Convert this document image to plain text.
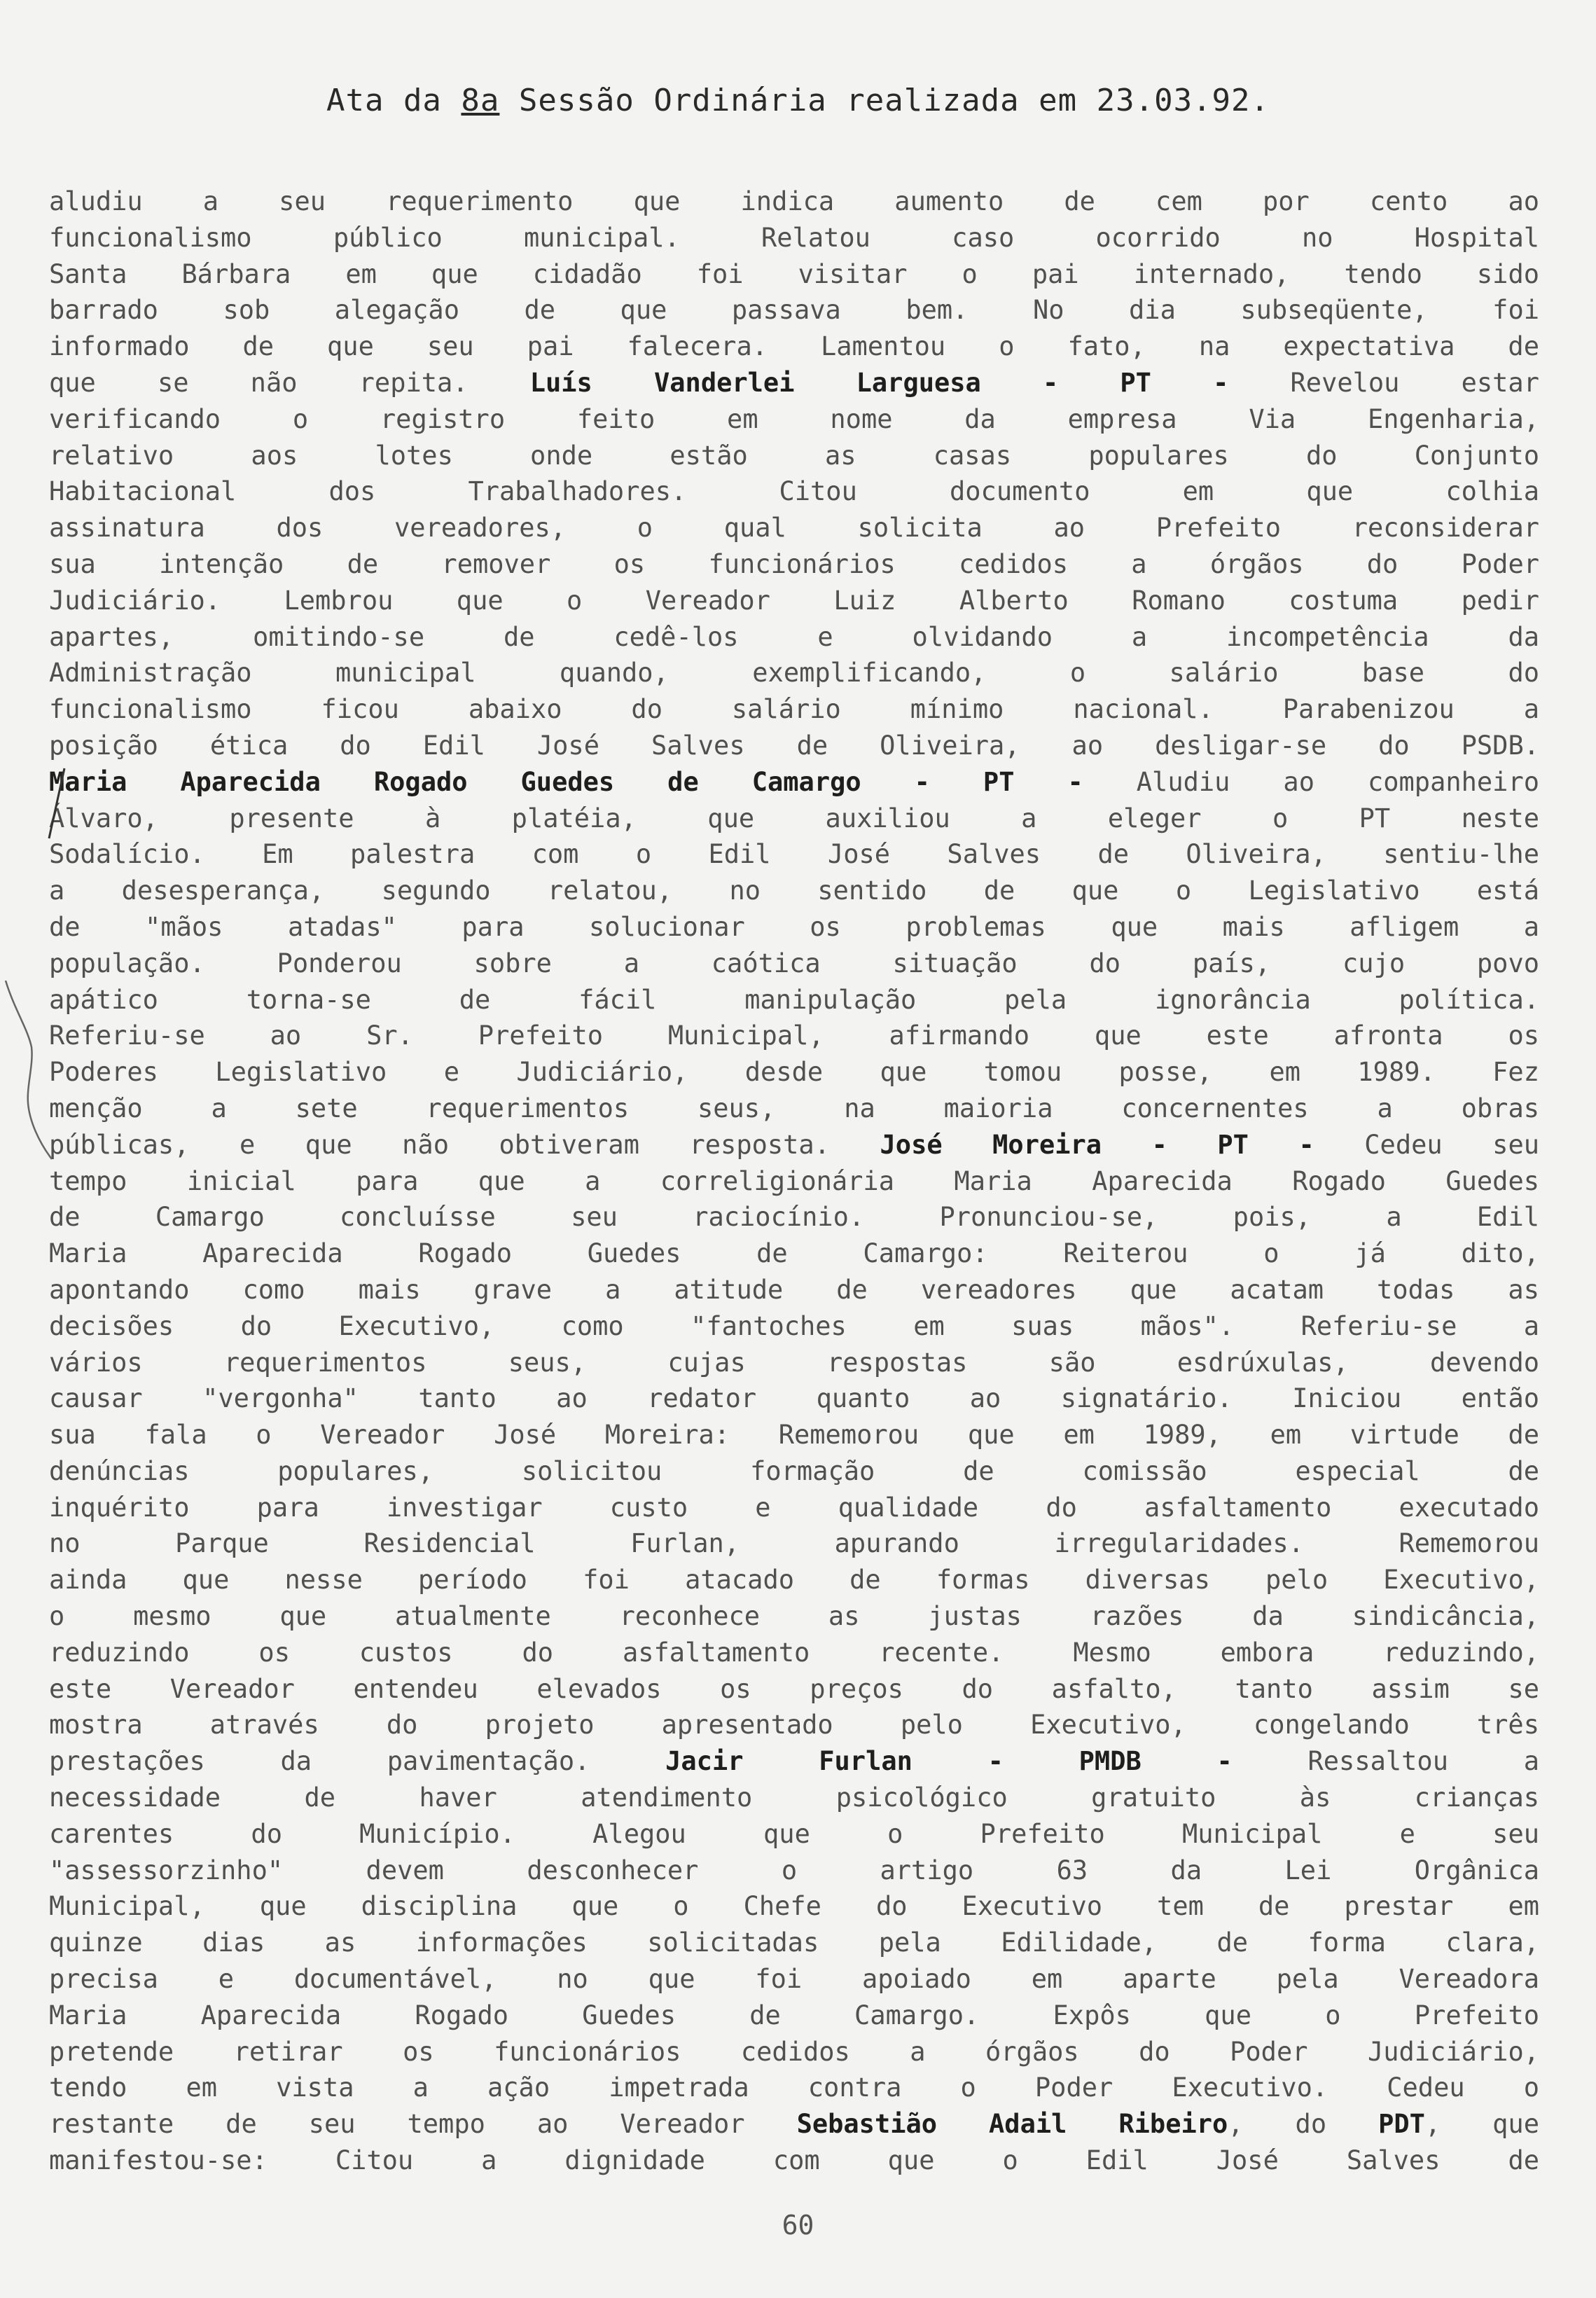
Ata da 8a Sessão Ordinária realizada em 23.03.92.
aludiu a seu requerimento que indica aumento de cem por cento ao
funcionalismo público municipal. Relatou caso ocorrido no Hospital
Santa Bárbara em que cidadão foi visitar o pai internado, tendo sido
barrado sob alegação de que passava bem. No dia subseqüente, foi
informado de que seu pai falecera. Lamentou o fato, na expectativa de
que se não repita. Luís Vanderlei Larguesa - PT - Revelou estar
verificando o registro feito em nome da empresa Via Engenharia,
relativo aos lotes onde estão as casas populares do Conjunto
Habitacional dos Trabalhadores. Citou documento em que colhia
assinatura dos vereadores, o qual solicita ao Prefeito reconsiderar
sua intenção de remover os funcionários cedidos a órgãos do Poder
Judiciário. Lembrou que o Vereador Luiz Alberto Romano costuma pedir
apartes, omitindo-se de cedê-los e olvidando a incompetência da
Administração municipal quando, exemplificando, o salário base do
funcionalismo ficou abaixo do salário mínimo nacional. Parabenizou a
posição ética do Edil José Salves de Oliveira, ao desligar-se do PSDB.
Maria Aparecida Rogado Guedes de Camargo - PT - Aludiu ao companheiro
Álvaro, presente à platéia, que auxiliou a eleger o PT neste
Sodalício. Em palestra com o Edil José Salves de Oliveira, sentiu-lhe
a desesperança, segundo relatou, no sentido de que o Legislativo está
de "mãos atadas" para solucionar os problemas que mais afligem a
população. Ponderou sobre a caótica situação do país, cujo povo
apático torna-se de fácil manipulação pela ignorância política.
Referiu-se ao Sr. Prefeito Municipal, afirmando que este afronta os
Poderes Legislativo e Judiciário, desde que tomou posse, em 1989. Fez
menção a sete requerimentos seus, na maioria concernentes a obras
públicas, e que não obtiveram resposta. José Moreira - PT - Cedeu seu
tempo inicial para que a correligionária Maria Aparecida Rogado Guedes
de Camargo concluísse seu raciocínio. Pronunciou-se, pois, a Edil
Maria Aparecida Rogado Guedes de Camargo: Reiterou o já dito,
apontando como mais grave a atitude de vereadores que acatam todas as
decisões do Executivo, como "fantoches em suas mãos". Referiu-se a
vários requerimentos seus, cujas respostas são esdrúxulas, devendo
causar "vergonha" tanto ao redator quanto ao signatário. Iniciou então
sua fala o Vereador José Moreira: Rememorou que em 1989, em virtude de
denúncias populares, solicitou formação de comissão especial de
inquérito para investigar custo e qualidade do asfaltamento executado
no Parque Residencial Furlan, apurando irregularidades. Rememorou
ainda que nesse período foi atacado de formas diversas pelo Executivo,
o mesmo que atualmente reconhece as justas razões da sindicância,
reduzindo os custos do asfaltamento recente. Mesmo embora reduzindo,
este Vereador entendeu elevados os preços do asfalto, tanto assim se
mostra através do projeto apresentado pelo Executivo, congelando três
prestações da pavimentação. Jacir Furlan - PMDB - Ressaltou a
necessidade de haver atendimento psicológico gratuito às crianças
carentes do Município. Alegou que o Prefeito Municipal e seu
"assessorzinho" devem desconhecer o artigo 63 da Lei Orgânica
Municipal, que disciplina que o Chefe do Executivo tem de prestar em
quinze dias as informações solicitadas pela Edilidade, de forma clara,
precisa e documentável, no que foi apoiado em aparte pela Vereadora
Maria Aparecida Rogado Guedes de Camargo. Expôs que o Prefeito
pretende retirar os funcionários cedidos a órgãos do Poder Judiciário,
tendo em vista a ação impetrada contra o Poder Executivo. Cedeu o
restante de seu tempo ao Vereador Sebastião Adail Ribeiro, do PDT, que
manifestou-se: Citou a dignidade com que o Edil José Salves de
60
